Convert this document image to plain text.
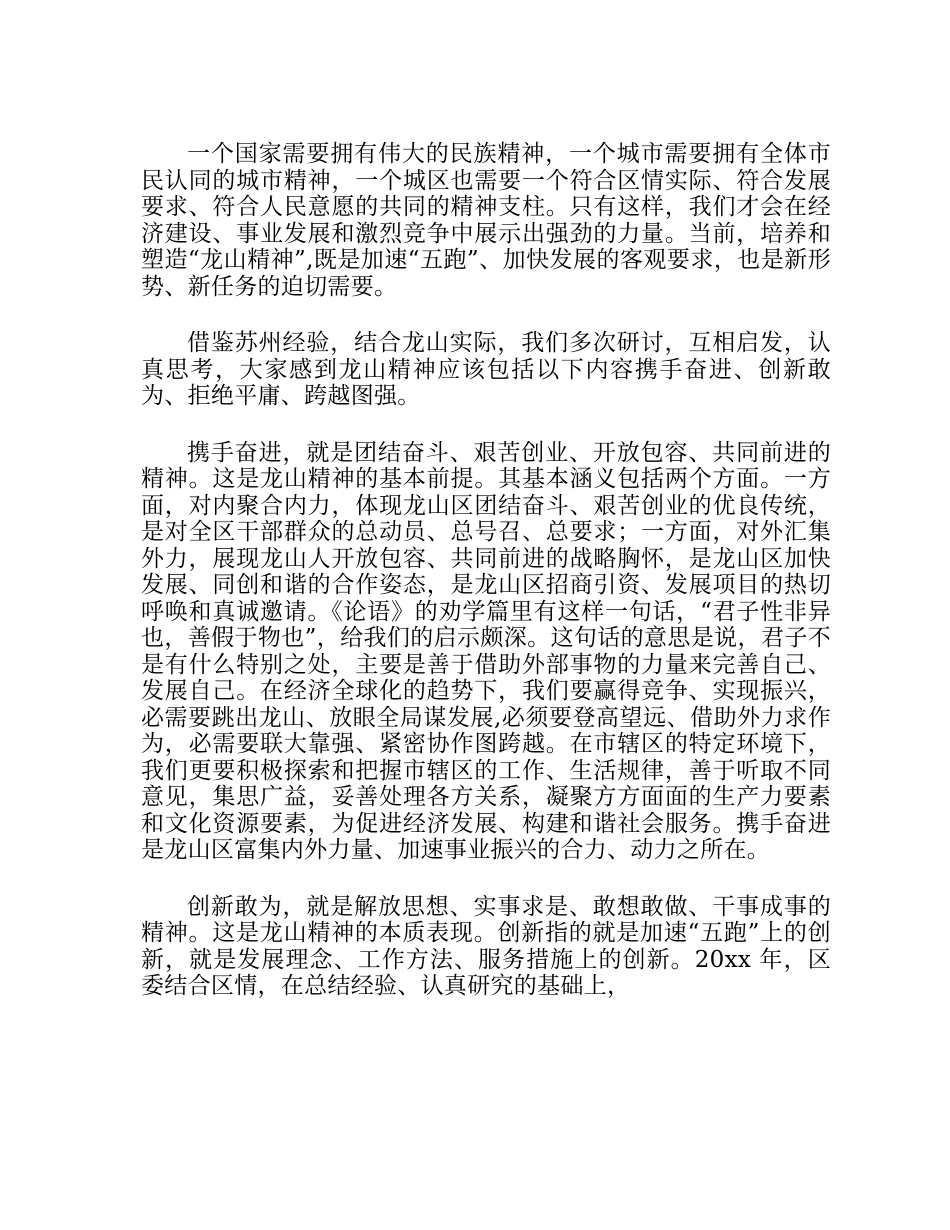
一个国家需要拥有伟大的民族精神，一个城市需要拥有全体市民认同的城市精神，一个城区也需要一个符合区情实际、符合发展要求、符合人民意愿的共同的精神支柱。只有这样，我们才会在经济建设、事业发展和激烈竞争中展示出强劲的力量。当前，培养和塑造“龙山精神”,既是加速“五跑”、加快发展的客观要求，也是新形势、新任务的迫切需要。

借鉴苏州经验，结合龙山实际，我们多次研讨，互相启发，认真思考，大家感到龙山精神应该包括以下内容携手奋进、创新敢为、拒绝平庸、跨越图强。

携手奋进，就是团结奋斗、艰苦创业、开放包容、共同前进的精神。这是龙山精神的基本前提。其基本涵义包括两个方面。一方面，对内聚合内力，体现龙山区团结奋斗、艰苦创业的优良传统，是对全区干部群众的总动员、总号召、总要求；一方面，对外汇集外力，展现龙山人开放包容、共同前进的战略胸怀，是龙山区加快发展、同创和谐的合作姿态，是龙山区招商引资、发展项目的热切呼唤和真诚邀请。《论语》的劝学篇里有这样一句话，“君子性非异也，善假于物也”，给我们的启示颇深。这句话的意思是说，君子不是有什么特别之处，主要是善于借助外部事物的力量来完善自己、发展自己。在经济全球化的趋势下，我们要赢得竞争、实现振兴，必需要跳出龙山、放眼全局谋发展,必须要登高望远、借助外力求作为，必需要联大靠强、紧密协作图跨越。在市辖区的特定环境下，我们更要积极探索和把握市辖区的工作、生活规律，善于听取不同意见，集思广益，妥善处理各方关系，凝聚方方面面的生产力要素和文化资源要素，为促进经济发展、构建和谐社会服务。携手奋进是龙山区富集内外力量、加速事业振兴的合力、动力之所在。

创新敢为，就是解放思想、实事求是、敢想敢做、干事成事的精神。这是龙山精神的本质表现。创新指的就是加速“五跑”上的创新，就是发展理念、工作方法、服务措施上的创新。20xx 年，区委结合区情，在总结经验、认真研究的基础上，
